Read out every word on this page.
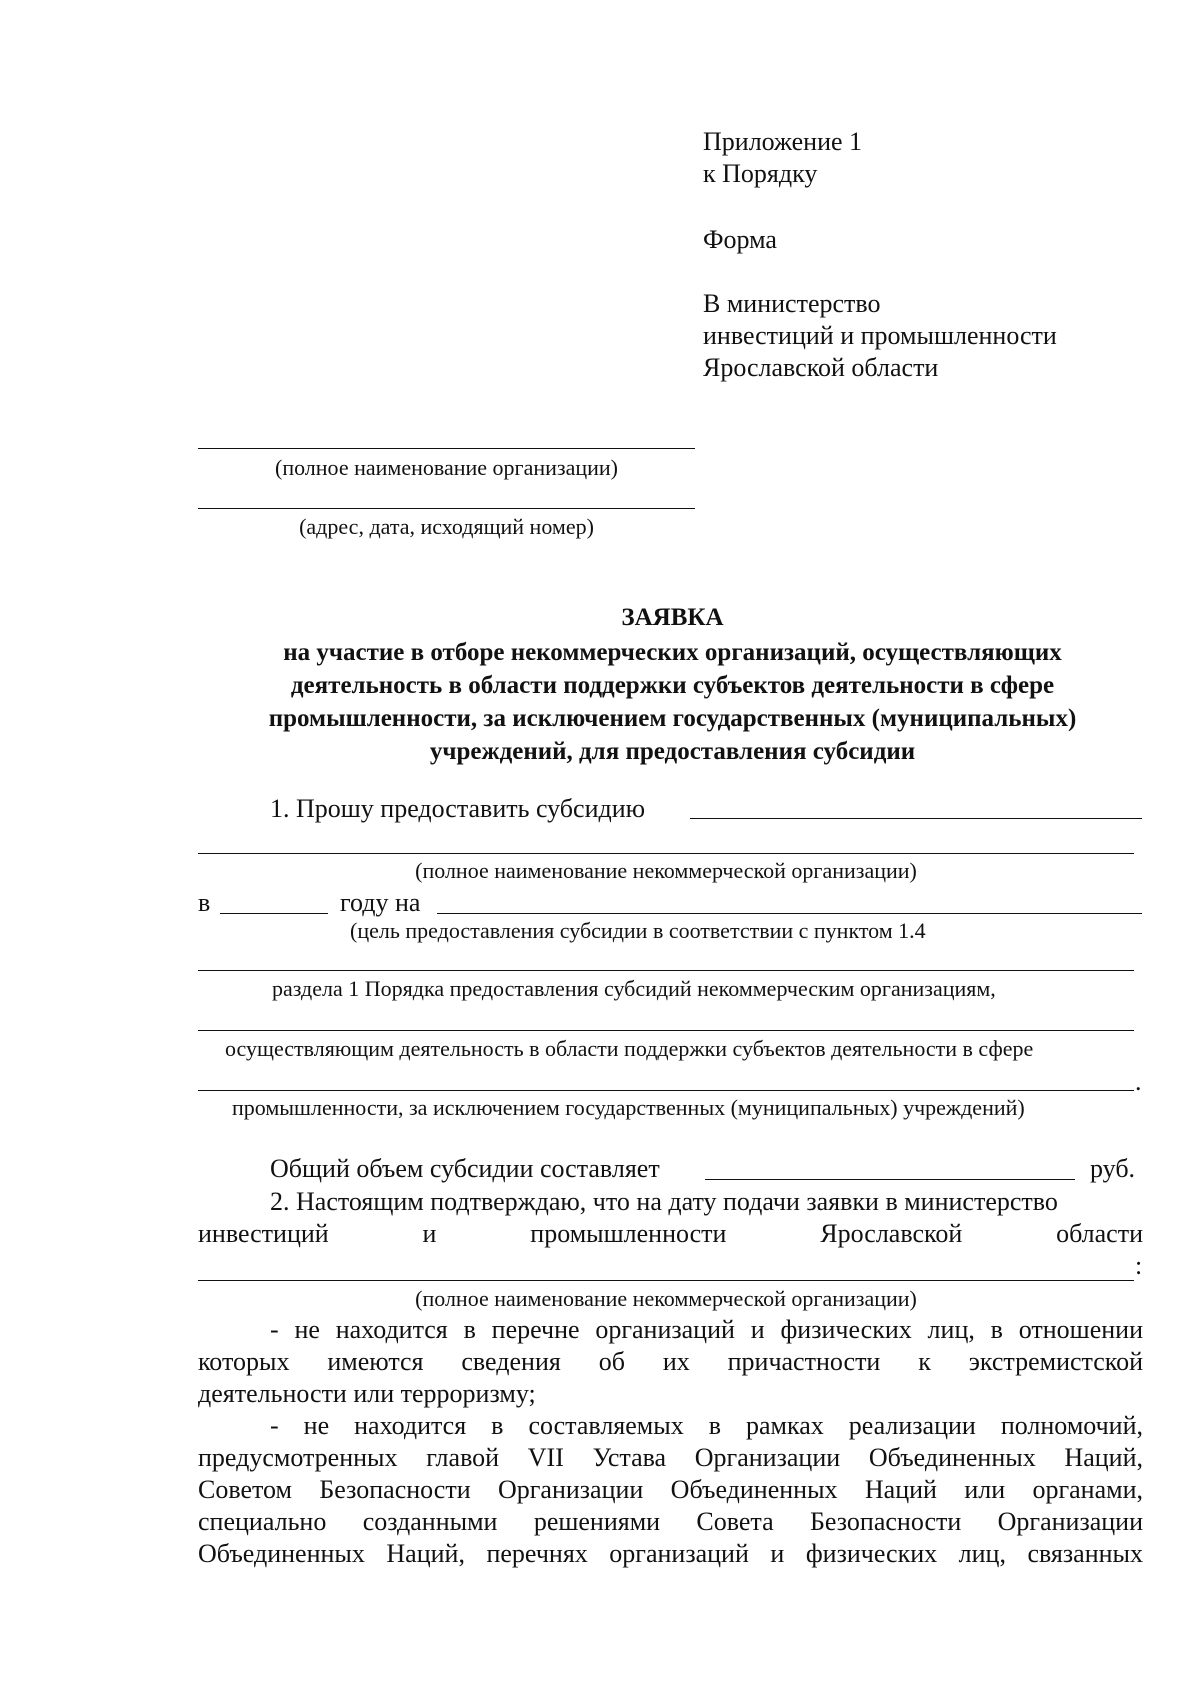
Приложение 1
к Порядку
Форма
В министерство
инвестиций и промышленности
Ярославской области
(полное наименование организации)
(адрес, дата, исходящий номер)
ЗАЯВКА
на участие в отборе некоммерческих организаций, осуществляющих
деятельность в области поддержки субъектов деятельности в сфере
промышленности, за исключением государственных (муниципальных)
учреждений, для предоставления субсидии
1. Прошу предоставить субсидию
(полное наименование некоммерческой организации)
в	году на
(цель предоставления субсидии в соответствии с пунктом 1.4
раздела 1 Порядка предоставления субсидий некоммерческим организациям,
осуществляющим деятельность в области поддержки субъектов деятельности в сфере
.
промышленности, за исключением государственных (муниципальных) учреждений)
Общий объем субсидии составляет	руб.
2. Настоящим подтверждаю, что на дату подачи заявки в министерство
инвестиций и промышленности Ярославской области
:
(полное наименование некоммерческой организации)
- не находится в перечне организаций и физических лиц, в отношении
которых имеются сведения об их причастности к экстремистской
деятельности или терроризму;
- не находится в составляемых в рамках реализации полномочий,
предусмотренных главой VII Устава Организации Объединенных Наций,
Советом Безопасности Организации Объединенных Наций или органами,
специально созданными решениями Совета Безопасности Организации
Объединенных Наций, перечнях организаций и физических лиц, связанных
